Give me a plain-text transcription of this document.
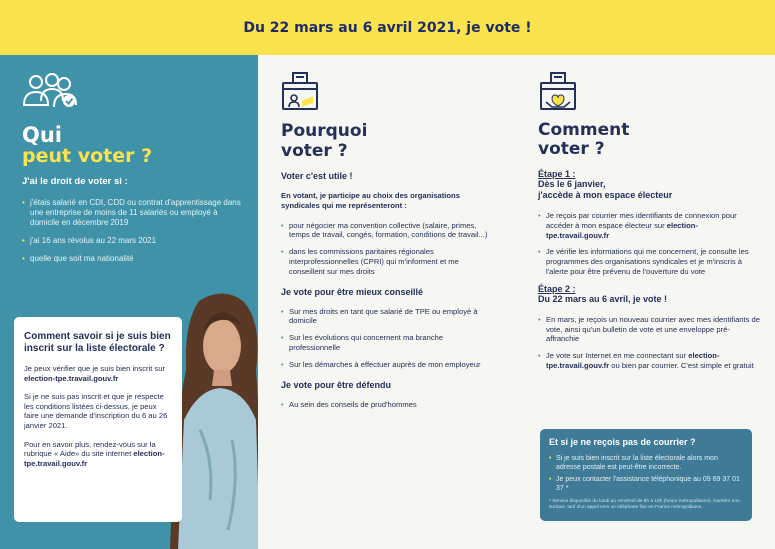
Du 22 mars au 6 avril 2021, je vote !
Qui
peut voter ?
J'ai le droit de voter si :
• j'étais salarié en CDI, CDD ou contrat d'apprentissage dans une entreprise de moins de 11 salariés ou employé à domicile en décembre 2019
• j'ai 16 ans révolus au 22 mars 2021
• quelle que soit ma nationalité
Comment savoir si je suis bien inscrit sur la liste électorale ?
Je peux vérifier que je suis bien inscrit sur election-tpe.travail.gouv.fr
Si je ne suis pas inscrit et que je respecte les conditions listées ci-dessus, je peux faire une demande d'inscription du 6 au 26 janvier 2021.
Pour en savoir plus, rendez-vous sur la rubrique « Aide» du site internet election-tpe.travail.gouv.fr
Pourquoi
voter ?
Voter c'est utile !
En votant, je participe au choix des organisations syndicales qui me représenteront :
• pour négocier ma convention collective (salaire, primes, temps de travail, congés, formation, conditions de travail...)
• dans les commissions paritaires régionales interprofessionnelles (CPRI) qui m'informent et me conseillent sur mes droits
Je vote pour être mieux conseillé
• Sur mes droits en tant que salarié de TPE ou employé à domicile
• Sur les évolutions qui concernent ma branche professionnelle
• Sur les démarches à effectuer auprès de mon employeur
Je vote pour être défendu
• Au sein des conseils de prud'hommes
Comment
voter ?
Étape 1 :
Dès le 6 janvier,
j'accède à mon espace électeur
• Je reçois par courrier mes identifiants de connexion pour accéder à mon espace électeur sur election-tpe.travail.gouv.fr
• Je vérifie les informations qui me concernent, je consulte les programmes des organisations syndicales et je m'inscris à l'alerte pour être prévenu de l'ouverture du vote
Étape 2 :
Du 22 mars au 6 avril, je vote !
• En mars, je reçois un nouveau courrier avec mes identifiants de vote, ainsi qu'un bulletin de vote et une enveloppe pré-affranchie
• Je vote sur Internet en me connectant sur election-tpe.travail.gouv.fr ou bien par courrier. C'est simple et gratuit
Et si je ne reçois pas de courrier ?
• Si je suis bien inscrit sur la liste électorale alors mon adresse postale est peut-être incorrecte.
• Je peux contacter l'assistance téléphonique au 09 69 37 01 37 *
* Service disponible du lundi au vendredi de 8h à 18h (heure métropolitaine). Numéro non surtaxé, tarif d'un appel vers un téléphone fixe en France métropolitaine.
